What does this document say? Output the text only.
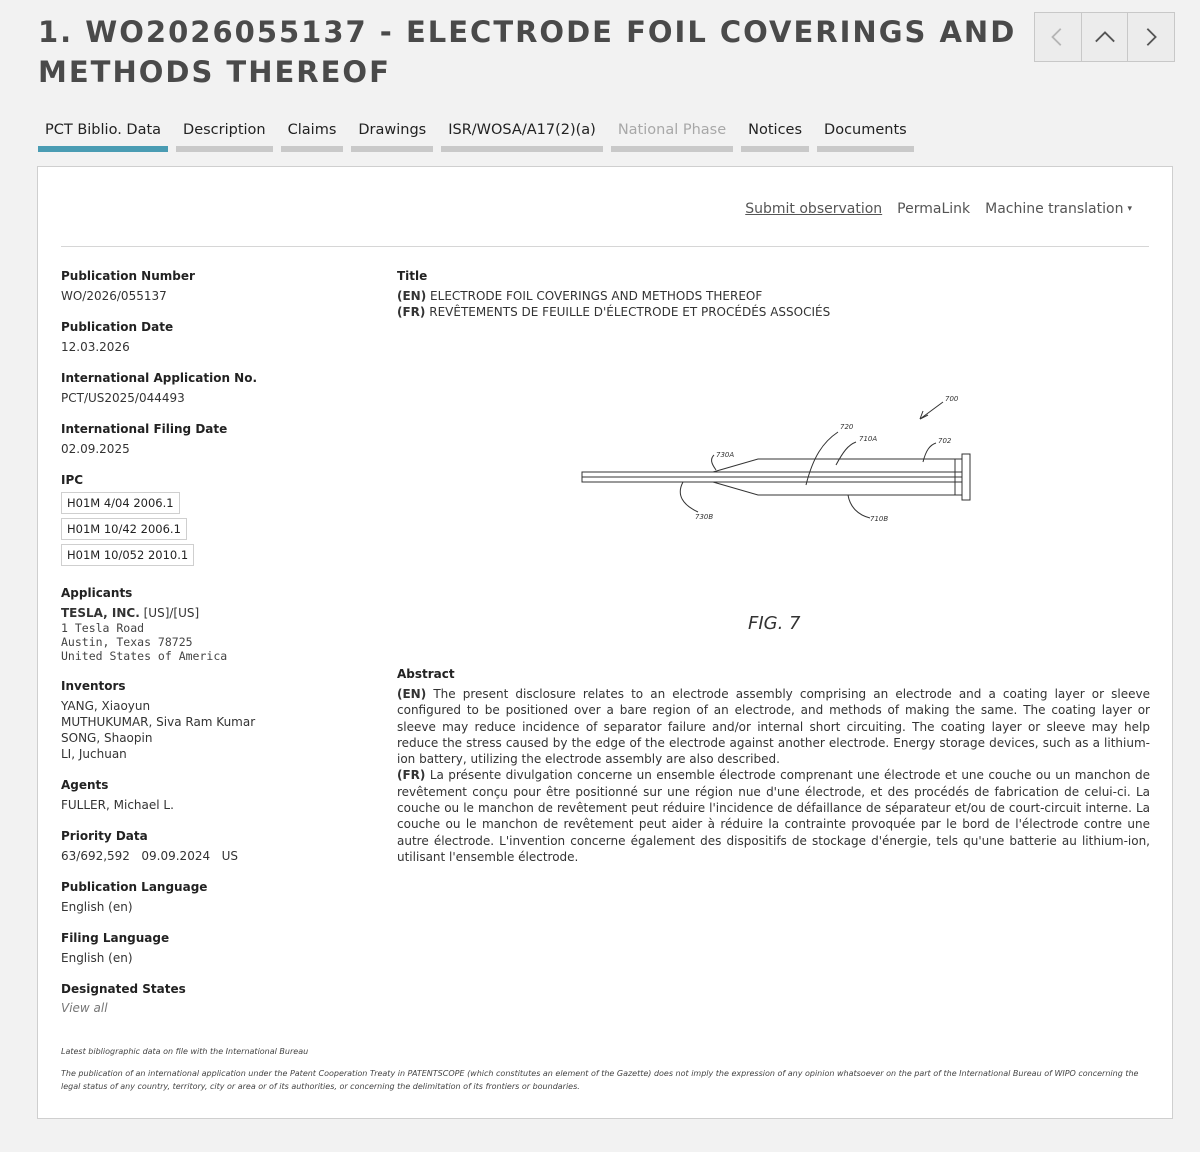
1. WO2026055137 - ELECTRODE FOIL COVERINGS AND METHODS THEREOF
PCT Biblio. Data	Description	Claims	Drawings	ISR/WOSA/A17(2)(a)	National Phase	Notices	Documents
Submit observation PermaLink Machine translation ▾
Publication Number
WO/2026/055137
Publication Date
12.03.2026
International Application No.
PCT/US2025/044493
International Filing Date
02.09.2025
IPC
H01M 4/04 2006.1 H01M 10/42 2006.1 H01M 10/052 2010.1
Applicants
TESLA, INC. [US]/[US]
1 Tesla Road
Austin, Texas 78725
United States of America
Inventors
YANG, Xiaoyun
MUTHUKUMAR, Siva Ram Kumar
SONG, Shaopin
LI, Juchuan
Agents
FULLER, Michael L.
Priority Data
63/692,592 09.09.2024 US
Publication Language
English (en)
Filing Language
English (en)
Designated States
View all
Title
(EN) ELECTRODE FOIL COVERINGS AND METHODS THEREOF
(FR) REVÊTEMENTS DE FEUILLE D'ÉLECTRODE ET PROCÉDÉS ASSOCIÉS
700
720
710A	702
730A
730B	710B
FIG. 7
Abstract

(EN) The present disclosure relates to an electrode assembly comprising an electrode and a coating layer or sleeve configured to be positioned over a bare region of an electrode, and methods of making the same. The coating layer or sleeve may reduce incidence of separator failure and/or internal short circuiting. The coating layer or sleeve may help reduce the stress caused by the edge of the electrode against another electrode. Energy storage devices, such as a lithium-ion battery, utilizing the electrode assembly are also described.

(FR) La présente divulgation concerne un ensemble électrode comprenant une électrode et une couche ou un manchon de revêtement conçu pour être positionné sur une région nue d'une électrode, et des procédés de fabrication de celui-ci. La couche ou le manchon de revêtement peut réduire l'incidence de défaillance de séparateur et/ou de court-circuit interne. La couche ou le manchon de revêtement peut aider à réduire la contrainte provoquée par le bord de l'électrode contre une autre électrode. L'invention concerne également des dispositifs de stockage d'énergie, tels qu'une batterie au lithium-ion, utilisant l'ensemble électrode.

Latest bibliographic data on file with the International Bureau
The publication of an international application under the Patent Cooperation Treaty in PATENTSCOPE (which constitutes an element of the Gazette) does not imply the expression of any opinion whatsoever on the part of the International Bureau of WIPO concerning the legal status of any country, territory, city or area or of its authorities, or concerning the delimitation of its frontiers or boundaries.
